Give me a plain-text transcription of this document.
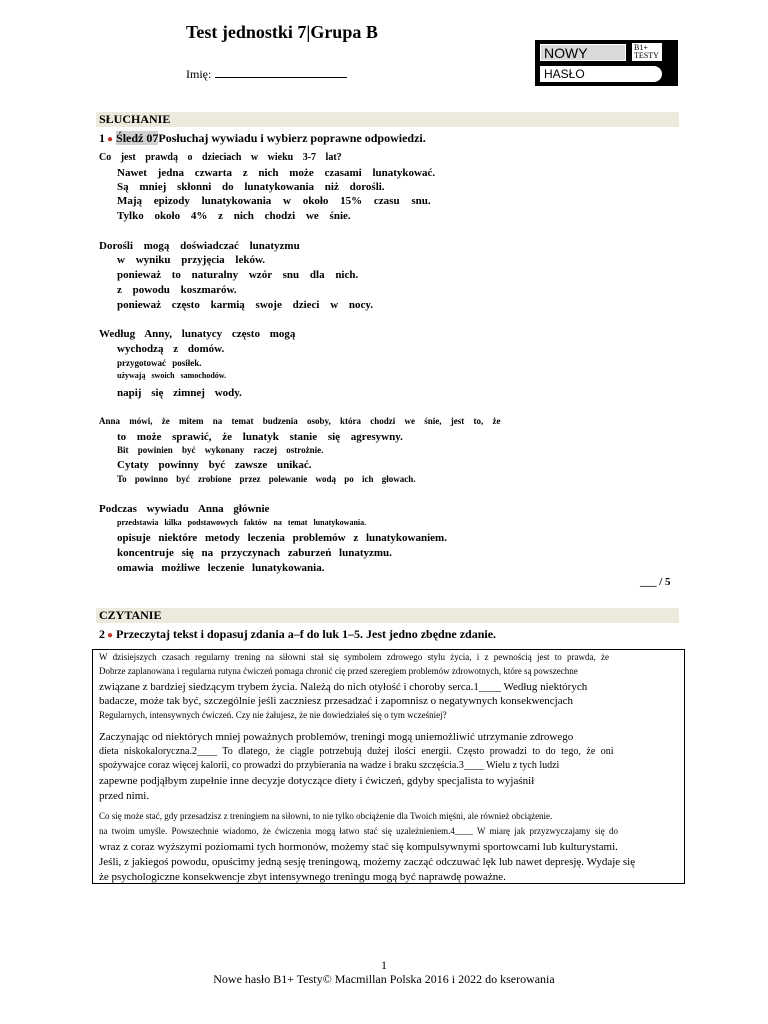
Test jednostki 7|Grupa B
Imię:
NOWY	B1+ TESTY
HASŁO
SŁUCHANIE
1 ● Śledź 07Posłuchaj wywiadu i wybierz poprawne odpowiedzi.
Co jest prawdą o dzieciach w wieku 3-7 lat?
Nawet jedna czwarta z nich może czasami lunatykować.
Są mniej skłonni do lunatykowania niż dorośli.
Mają epizody lunatykowania w około 15% czasu snu.
Tylko około 4% z nich chodzi we śnie.
Dorośli mogą doświadczać lunatyzmu
w wyniku przyjęcia leków.
ponieważ to naturalny wzór snu dla nich.
z powodu koszmarów.
ponieważ często karmią swoje dzieci w nocy.
Według Anny, lunatycy często mogą
wychodzą z domów.
przygotować posiłek.
używają swoich samochodów.
napij się zimnej wody.
Anna mówi, że mitem na temat budzenia osoby, która chodzi we śnie, jest to, że
to może sprawić, że lunatyk stanie się agresywny.
Bit powinien być wykonany raczej ostrożnie.
Cytaty powinny być zawsze unikać.
To powinno być zrobione przez polewanie wodą po ich głowach.
Podczas wywiadu Anna głównie
przedstawia kilka podstawowych faktów na temat lunatykowania.
opisuje niektóre metody leczenia problemów z lunatykowaniem.
koncentruje się na przyczynach zaburzeń lunatyzmu.
omawia możliwe leczenie lunatykowania.
___ / 5
CZYTANIE
2 ● Przeczytaj tekst i dopasuj zdania a–f do luk 1–5. Jest jedno zbędne zdanie.
W dzisiejszych czasach regularny trening na siłowni stał się symbolem zdrowego stylu życia, i z pewnością jest to prawda, że
Dobrze zaplanowana i regularna rutyna ćwiczeń pomaga chronić cię przed szeregiem problemów zdrowotnych, które są powszechne
związane z bardziej siedzącym trybem życia. Należą do nich otyłość i choroby serca.1____ Według niektórych
badacze, może tak być, szczególnie jeśli zaczniesz przesadzać i zapomnisz o negatywnych konsekwencjach
Regularnych, intensywnych ćwiczeń. Czy nie żałujesz, że nie dowiedziałeś się o tym wcześniej?
Zaczynając od niektórych mniej poważnych problemów, treningi mogą uniemożliwić utrzymanie zdrowego
dieta niskokaloryczna.2____ To dlatego, że ciągle potrzebują dużej ilości energii. Często prowadzi to do tego, że oni
spożywajce coraz więcej kalorii, co prowadzi do przybierania na wadze i braku szczęścia.3____ Wielu z tych ludzi
zapewne podjąłbym zupełnie inne decyzje dotyczące diety i ćwiczeń, gdyby specjalista to wyjaśnił
przed nimi.
Co się może stać, gdy przesadzisz z treningiem na siłowni, to nie tylko obciążenie dla Twoich mięśni, ale również obciążenie.
na twoim umyśle. Powszechnie wiadomo, że ćwiczenia mogą łatwo stać się uzależnieniem.4____ W miarę jak przyzwyczajamy się do
wraz z coraz wyższymi poziomami tych hormonów, możemy stać się kompulsywnymi sportowcami lub kulturystami.
Jeśli, z jakiegoś powodu, opuścimy jedną sesję treningową, możemy zacząć odczuwać lęk lub nawet depresję. Wydaje się
że psychologiczne konsekwencje zbyt intensywnego treningu mogą być naprawdę poważne.
1
Nowe hasło B1+ Testy© Macmillan Polska 2016 i 2022 do kserowania
